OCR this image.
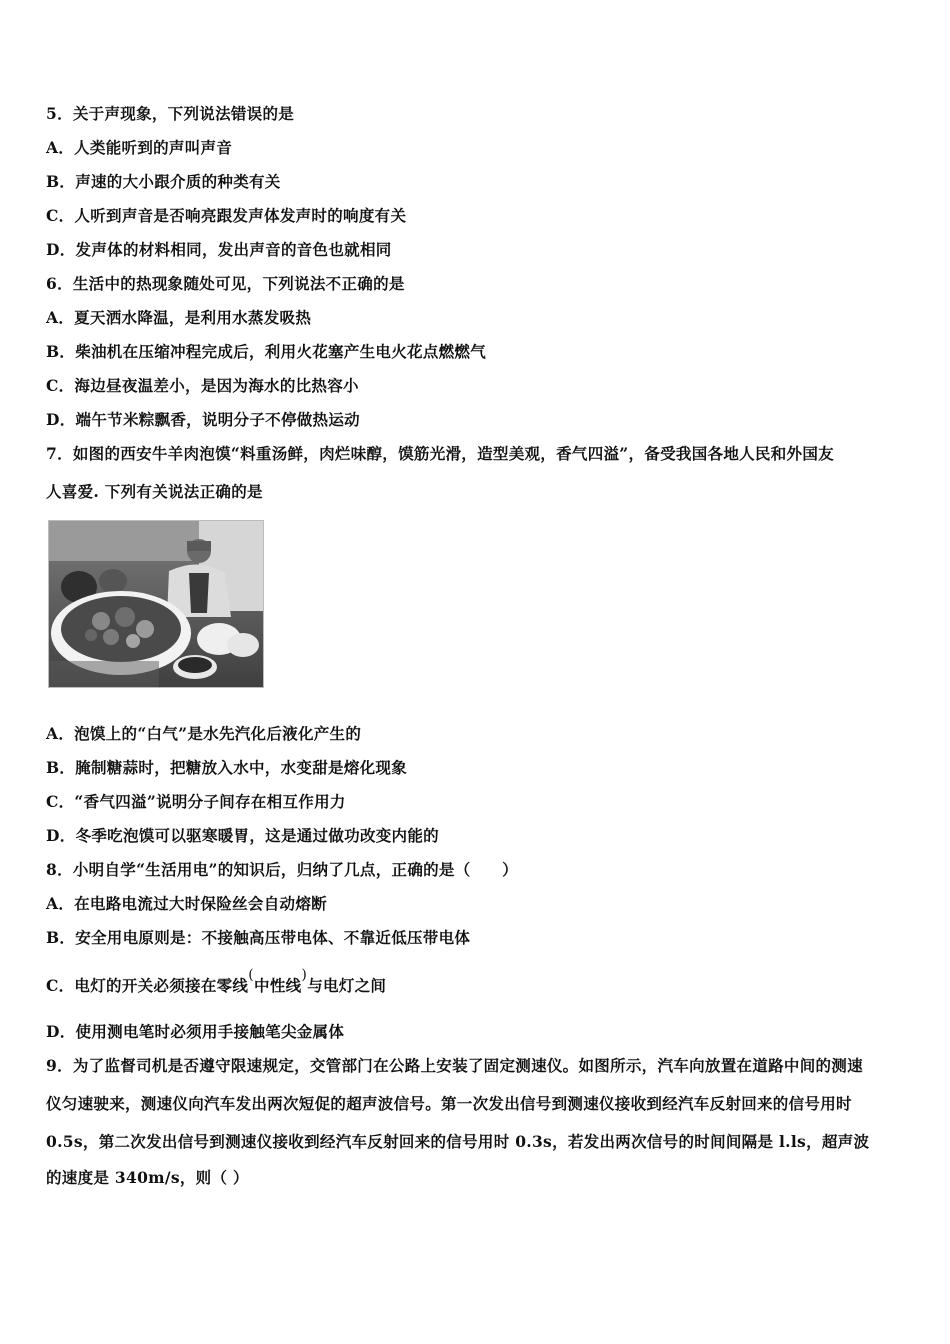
5．关于声现象，下列说法错误的是
A．人类能听到的声叫声音
B．声速的大小跟介质的种类有关
C．人听到声音是否响亮跟发声体发声时的响度有关
D．发声体的材料相同，发出声音的音色也就相同
6．生活中的热现象随处可见，下列说法不正确的是
A．夏天洒水降温，是利用水蒸发吸热
B．柴油机在压缩冲程完成后，利用火花塞产生电火花点燃燃气
C．海边昼夜温差小，是因为海水的比热容小
D．端午节米粽飘香，说明分子不停做热运动
7．如图的西安牛羊肉泡馍“料重汤鲜，肉烂味醇，馍筋光滑，造型美观，香气四溢”，备受我国各地人民和外国友
人喜爱. 下列有关说法正确的是
A．泡馍上的“白气”是水先汽化后液化产生的
B．腌制糖蒜时，把糖放入水中，水变甜是熔化现象
C．“香气四溢”说明分子间存在相互作用力
D．冬季吃泡馍可以驱寒暖胃，这是通过做功改变内能的
8．小明自学“生活用电”的知识后，归纳了几点，正确的是（　　）
A．在电路电流过大时保险丝会自动熔断
B．安全用电原则是：不接触高压带电体、不靠近低压带电体
C．电灯的开关必须接在零线(中性线)与电灯之间
D．使用测电笔时必须用手接触笔尖金属体
9．为了监督司机是否遵守限速规定，交管部门在公路上安装了固定测速仪。如图所示，汽车向放置在道路中间的测速
仪匀速驶来，测速仪向汽车发出两次短促的超声波信号。第一次发出信号到测速仪接收到经汽车反射回来的信号用时
0.5s，第二次发出信号到测速仪接收到经汽车反射回来的信号用时 0.3s，若发出两次信号的时间间隔是 l.ls，超声波
的速度是 340m/s，则（ ）
